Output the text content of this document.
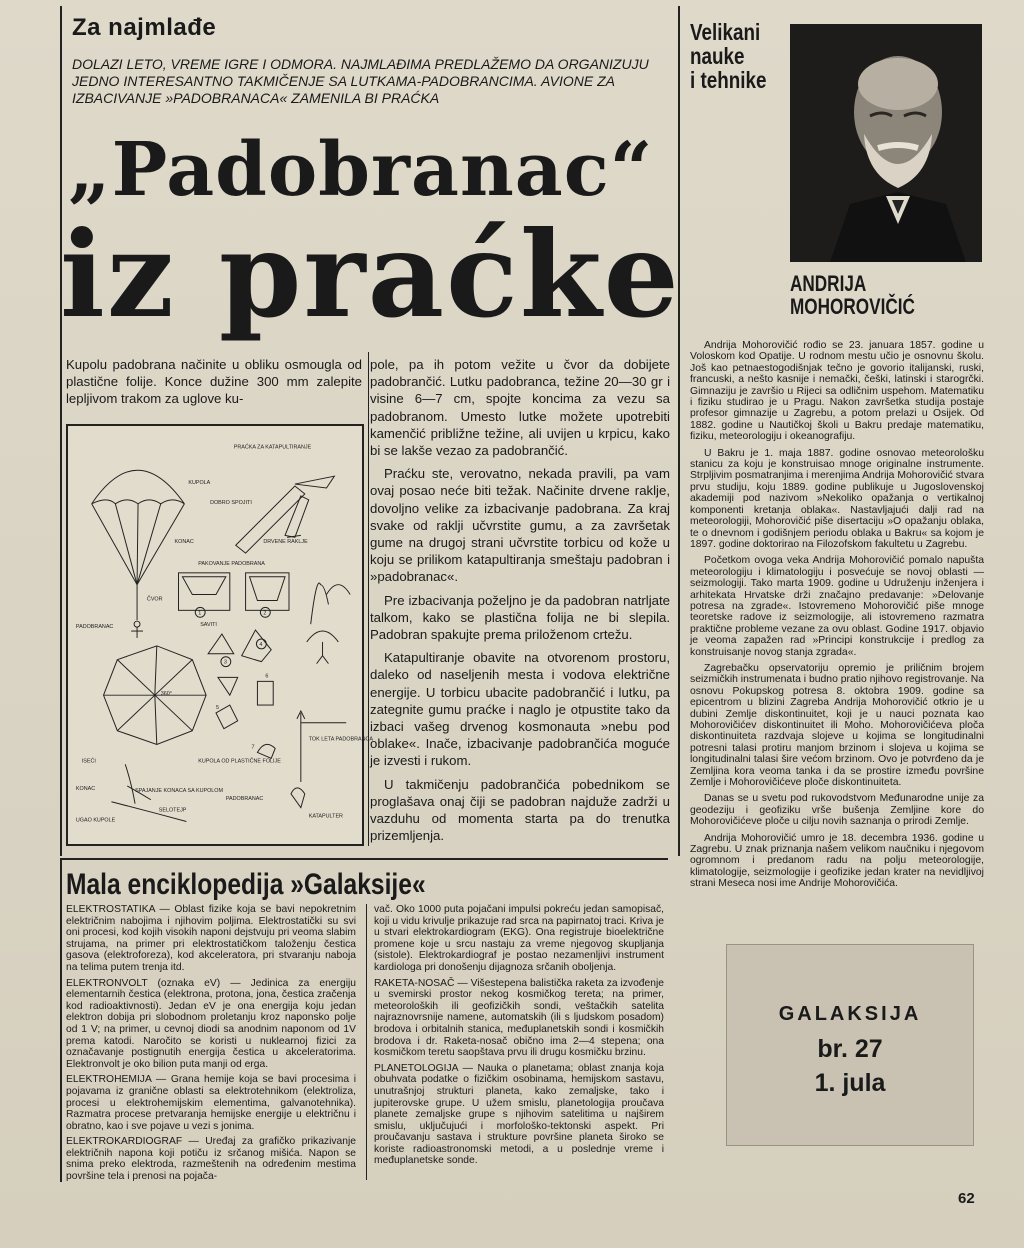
Za najmlađe
DOLAZI LETO, VREME IGRE I ODMORA. NAJMLAĐIMA PREDLAŽEMO DA ORGANIZUJU JEDNO INTERESANTNO TAKMIČENJE SA LUTKAMA-PADOBRANCIMA. AVIONE ZA IZBACIVANJE »PADOBRANACA« ZAMENILA BI PRAĆKA
„Padobranac“
iz praćke
Kupolu padobrana načinite u obliku osmougla od plastične folije. Konce dužine 300 mm zalepite lepljivom trakom za uglove ku-
PRAĆKA ZA KATAPULTIRANJE
KUPOLA
DOBRO SPOJITI
KONAC	DRVENE RAKLJE
PAKOVANJE PADOBRANA
ČVOR
PADOBRANAC	SAVITI
360°
ISEĆI	KUPOLA OD PLASTIČNE FOLIJE
TOK LETA PADOBRANCA
KONAC	SPAJANJE KONACA SA KUPOLOM
SELOTEJP
UGAO KUPOLE
PADOBRANAC
KATAPULTER
1	2
3
4
5
6
7

pole, pa ih potom vežite u čvor da dobijete padobrančić. Lutku padobranca, težine 20—30 gr i visine 6—7 cm, spojte koncima za vezu sa padobranom. Umesto lutke možete upotrebiti kamenčić približne težine, ali uvijen u krpicu, kako bi se lakše vezao za padobrančić.

Praćku ste, verovatno, nekada pravili, pa vam ovaj posao neće biti težak. Načinite drvene raklje, dovoljno velike za izbacivanje padobrana. Za kraj svake od raklji učvrstite gumu, a za završetak gume na drugoj strani učvrstite torbicu od kože u koju se prilikom katapultiranja smeštaju padobran i »padobranac«.

Pre izbacivanja poželjno je da padobran natrljate talkom, kako se plastična folija ne bi slepila. Padobran spakujte prema priloženom crtežu.

Katapultiranje obavite na otvorenom prostoru, daleko od naseljenih mesta i vodova električne energije. U torbicu ubacite padobrančić i lutku, pa zategnite gumu praćke i naglo je otpustite tako da izbaci vašeg drvenog kosmonauta »nebu pod oblake«. Inače, izbacivanje padobrančića moguće je izvesti i rukom.

U takmičenju padobrančića pobednikom se proglašava onaj čiji se padobran najduže zadrži u vazduhu od momenta starta pa do trenutka prizemljenja.

Mala enciklopedija »Galaksije«

ELEKTROSTATIKA — Oblast fizike koja se bavi nepokretnim električnim nabojima i njihovim poljima. Elektrostatički su svi oni procesi, kod kojih visokih naponi dejstvuju pri veoma slabim strujama, na primer pri elektrostatičkom taloženju čestica gasova (elektroforeza), kod akceleratora, pri stvaranju naboja na telima putem trenja itd.

ELEKTRONVOLT (oznaka eV) — Jedinica za energiju elementarnih čestica (elektrona, protona, jona, čestica zračenja kod radioaktivnosti). Jedan eV je ona energija koju jedan elektron dobija pri slobodnom proletanju kroz naponsko polje od 1 V; na primer, u cevnoj diodi sa anodnim naponom od 1V prema katodi. Naročito se koristi u nuklearnoj fizici za označavanje postignutih energija čestica u akceleratorima. Elektronvolt je oko bilion puta manji od erga.

ELEKTROHEMIJA — Grana hemije koja se bavi procesima i pojavama iz granične oblasti sa elektrotehnikom (elektroliza, procesi u elektrohemijskim elementima, galvanotehnika). Razmatra procese pretvaranja hemijske energije u električnu i obratno, kao i sve pojave u vezi s jonima.

ELEKTROKARDIOGRAF — Uređaj za grafičko prikazivanje električnih napona koji potiču iz srčanog mišića. Napon se snima preko elektroda, razmeštenih na određenim mestima površine tela i prenosi na pojača-

vač. Oko 1000 puta pojačani impulsi pokreću jedan samopisač, koji u vidu krivulje prikazuje rad srca na papirnatoj traci. Kriva je u stvari elektrokardiogram (EKG). Ona registruje bioelektrične promene koje u srcu nastaju za vreme njegovog skupljanja (sistole). Elektrokardiograf je postao nezamenljivi instrument kardiologa pri donošenju dijagnoza srčanih oboljenja.

RAKETA-NOSAČ — Višestepena balistička raketa za izvođenje u svemirski prostor nekog kosmičkog tereta; na primer, meteoroloških ili geofizičkih sondi, veštačkih satelita najraznovrsnije namene, automatskih (ili s ljudskom posadom) brodova i orbitalnih stanica, međuplanetskih sondi i kosmičkih brodova i dr. Raketa-nosač obično ima 2—4 stepena; ona kosmičkom teretu saopštava prvu ili drugu kosmičku brzinu.

PLANETOLOGIJA — Nauka o planetama; oblast znanja koja obuhvata podatke o fizičkim osobinama, hemijskom sastavu, unutrašnjoj strukturi planeta, kako zemaljske, tako i jupiterovske grupe. U užem smislu, planetologija proučava planete zemaljske grupe s njihovim satelitima u najširem smislu, uključujući i morfološko-tektonski aspekt. Pri proučavanju sastava i strukture površine planeta široko se koriste radioastronomski metodi, a u poslednje vreme i međuplanetske sonde.

Velikani
nauke
i tehnike
ANDRIJA
MOHOROVIČIĆ

Andrija Mohorovičić rođio se 23. januara 1857. godine u Voloskom kod Opatije. U rodnom mestu učio je osnovnu školu. Još kao petnaestogodišnjak tečno je govorio italijanski, ruski, francuski, a nešto kasnije i nemački, češki, latinski i starogrčki. Gimnaziju je završio u Rijeci sa odličnim uspehom. Matematiku i fiziku studirao je u Pragu. Nakon završetka studija postaje profesor gimnazije u Zagrebu, a potom prelazi u Osijek. Od 1882. godine u Nautičkoj školi u Bakru predaje matematiku, fiziku, meteorologiju i okeanografiju.

U Bakru je 1. maja 1887. godine osnovao meteorološku stanicu za koju je konstruisao mnoge originalne instrumente. Strpljivim posmatranjima i merenjima Andrija Mohorovičić stvara prvu studiju, koju 1889. godine publikuje u Jugoslovenskoj akademiji pod nazivom »Nekoliko opažanja o vertikalnoj komponenti kretanja oblaka«. Nastavljajući dalji rad na meteorologiji, Mohorovičić piše disertaciju »O opažanju oblaka, te o dnevnom i godišnjem periodu oblaka u Bakru« sa kojom je 1897. godine doktorirao na Filozofskom fakultetu u Zagrebu.

Početkom ovoga veka Andrija Mohorovičić pomalo napušta meteorologiju i klimatologiju i posvećuje se novoj oblasti — seizmologiji. Tako marta 1909. godine u Udruženju inženjera i arhitekata Hrvatske drži značajno predavanje: »Delovanje potresa na zgrade«. Istovremeno Mohorovičić piše mnoge teoretske radove iz seizmologije, ali istovremeno razmatra praktične probleme vezane za ovu oblast. Godine 1917. objavio je veoma zapažen rad »Principi konstrukcije i predlog za konstruisanje novog stanja zgrada«.

Zagrebačku opservatoriju opremio je priličnim brojem seizmičkih instrumenata i budno pratio njihovo registrovanje. Na osnovu Pokupskog potresa 8. oktobra 1909. godine sa epicentrom u blizini Zagreba Andrija Mohorovičić otkrio je u dubini Zemlje diskontinuitet, koji je u nauci poznata kao Mohorovičićev diskontinuitet ili Moho. Mohorovičićeva ploča diskontinuiteta razdvaja slojeve u kojima se longitudinalni potresni talasi protiru manjom brzinom i slojeva u kojima se longitudinalni talasi šire većom brzinom. Ovo je potvrđeno da je Zemljina kora veoma tanka i da se prostire između površine Zemlje i Mohorovičićeve ploče diskontinuiteta.

Danas se u svetu pod rukovodstvom Međunarodne unije za geodeziju i geofiziku vrše bušenja Zemljine kore do Mohorovičićeve ploče u cilju novih saznanja o prirodi Zemlje.

Andrija Mohorovičić umro je 18. decembra 1936. godine u Zagrebu. U znak priznanja našem velikom naučniku i njegovom ogromnom i predanom radu na polju meteorologije, klimatologije, seizmologije i geofizike jedan krater na nevidljivoj strani Meseca nosi ime Andrije Mohorovičića.

GALAKSIJA
br. 27
1. jula
62
